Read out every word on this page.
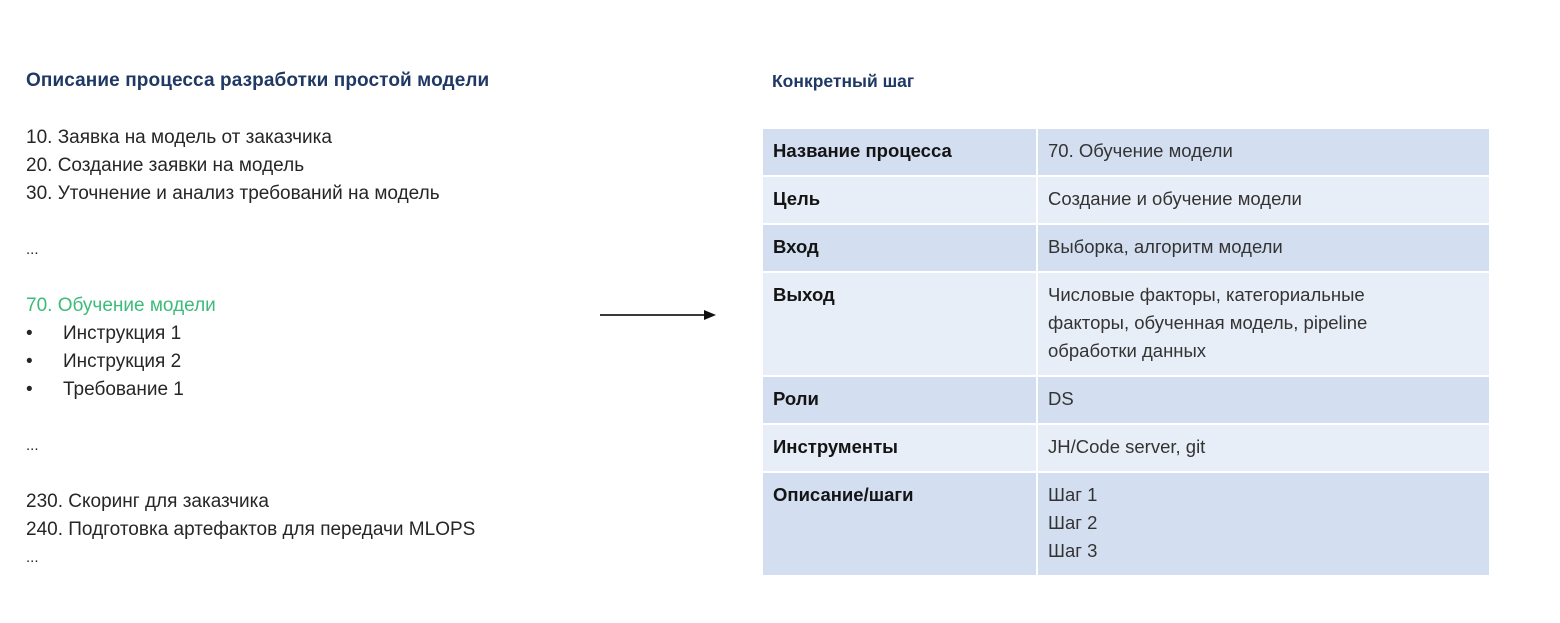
Описание процесса разработки простой модели
10. Заявка на модель от заказчика
20. Создание заявки на модель
30. Уточнение и анализ требований на модель
...
70. Обучение модели
•	Инструкция 1
•	Инструкция 2
•	Требование 1
...
230. Скоринг для заказчика
240. Подготовка артефактов для передачи MLOPS
...
Конкретный шаг
Название процесса	70. Обучение модели
Цель	Создание и обучение модели
Вход	Выборка, алгоритм модели
Выход	Числовые факторы, категориальные
факторы, обученная модель, pipeline
обработки данных

Роли	DS
Инструменты	JH/Code server, git
Описание/шаги	Шаг 1
Шаг 2
Шаг 3
